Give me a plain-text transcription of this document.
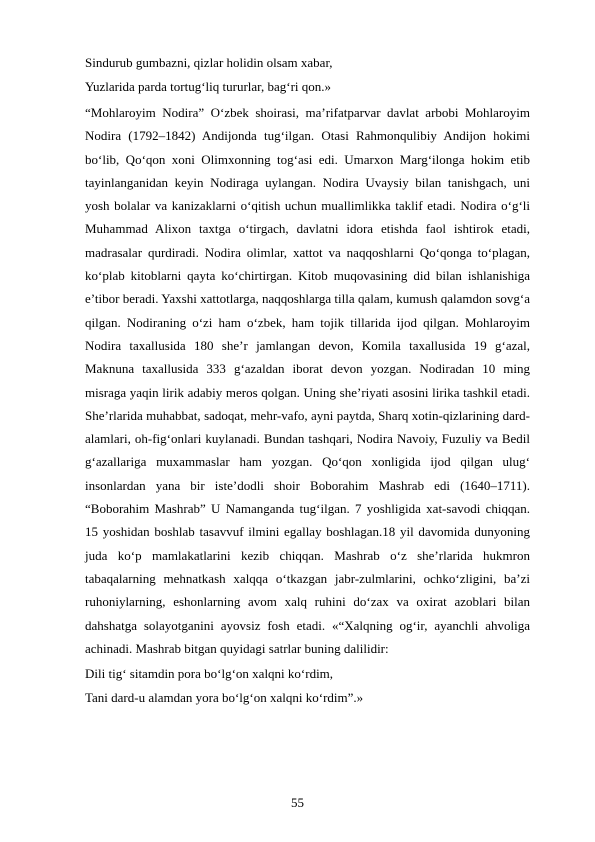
Sindurub gumbazni, qizlar holidin olsam xabar,

Yuzlarida parda tortug‘liq tururlar, bag‘ri qon.»

“Mohlaroyim Nodira” O‘zbek shoirasi, ma’rifatparvar davlat arbobi Mohlaroyim Nodira (1792–1842) Andijonda tug‘ilgan. Otasi Rahmonqulibiy Andijon hokimi bo‘lib, Qo‘qon xoni Olimxonning tog‘asi edi. Umarxon Marg‘ilonga hokim etib tayinlanganidan keyin Nodiraga uylangan. Nodira Uvaysiy bilan tanishgach, uni yosh bolalar va kanizaklarni o‘qitish uchun muallimlikka taklif etadi. Nodira o‘g‘li Muhammad Alixon taxtga o‘tirgach, davlatni idora etishda faol ishtirok etadi, madrasalar qurdiradi. Nodira olimlar, xattot va naqqoshlarni Qo‘qonga to‘plagan, ko‘plab kitoblarni qayta ko‘chirtirgan. Kitob muqovasining did bilan ishlanishiga e’tibor beradi. Yaxshi xattotlarga, naqqoshlarga tilla qalam, kumush qalamdon sovg‘a qilgan. Nodiraning o‘zi ham o‘zbek, ham tojik tillarida ijod qilgan. Mohlaroyim Nodira taxallusida 180 she’r jamlangan devon, Komila taxallusida 19 g‘azal, Maknuna taxallusida 333 g‘azaldan iborat devon yozgan. Nodiradan 10 ming misraga yaqin lirik adabiy meros qolgan. Uning she’riyati asosini lirika tashkil etadi. She’rlarida muhabbat, sadoqat, mehr-vafo, ayni paytda, Sharq xotin-qizlarining dard-alamlari, oh-fig‘onlari kuylanadi. Bundan tashqari, Nodira Navoiy, Fuzuliy va Bedil g‘azallariga muxammaslar ham yozgan. Qo‘qon xonligida ijod qilgan ulug‘ insonlardan yana bir iste’dodli shoir Boborahim Mashrab edi (1640–1711). “Boborahim Mashrab” U Namanganda tug‘ilgan. 7 yoshligida xat-savodi chiqqan. 15 yoshidan boshlab tasavvuf ilmini egallay boshlagan.18 yil davomida dunyoning juda ko‘p mamlakatlarini kezib chiqqan. Mashrab o‘z she’rlarida hukmron tabaqalarning mehnatkash xalqqa o‘tkazgan jabr-zulmlarini, ochko‘zligini, ba’zi ruhoniylarning, eshonlarning avom xalq ruhini do‘zax va oxirat azoblari bilan dahshatga solayotganini ayovsiz fosh etadi. «“Xalqning og‘ir, ayanchli ahvoliga achinadi. Mashrab bitgan quyidagi satrlar buning dalilidir:

Dili tig‘ sitamdin pora bo‘lg‘on xalqni ko‘rdim,

Tani dard-u alamdan yora bo‘lg‘on xalqni ko‘rdim”.»

55
